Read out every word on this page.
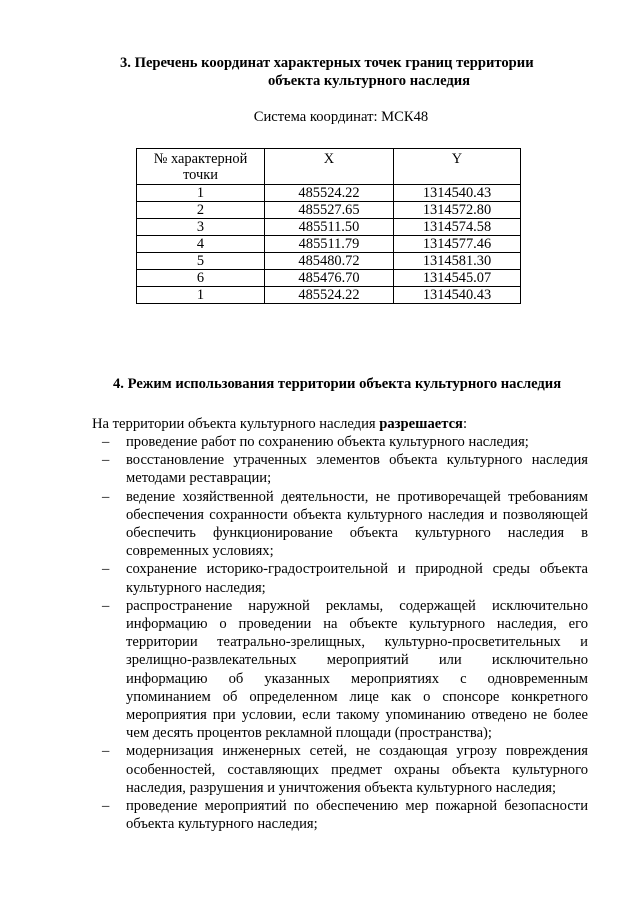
3. Перечень координат характерных точек границ территории
объекта культурного наследия
Система координат: МСК48
№ характерной точки	X	Y
1	485524.22	1314540.43
2	485527.65	1314572.80
3	485511.50	1314574.58
4	485511.79	1314577.46
5	485480.72	1314581.30
6	485476.70	1314545.07
1	485524.22	1314540.43
4. Режим использования территории объекта культурного наследия
На территории объекта культурного наследия разрешается:
– проведение работ по сохранению объекта культурного наследия;
– восстановление утраченных элементов объекта культурного наследия методами реставрации;
– ведение хозяйственной деятельности, не противоречащей требованиям обеспечения сохранности объекта культурного наследия и позволяющей обеспечить функционирование объекта культурного наследия в современных условиях;
– сохранение историко-градостроительной и природной среды объекта культурного наследия;
– распространение наружной рекламы, содержащей исключительно информацию о проведении на объекте культурного наследия, его территории театрально-зрелищных, культурно-просветительных и зрелищно-развлекательных мероприятий или исключительно информацию об указанных мероприятиях с одновременным упоминанием об определенном лице как о спонсоре конкретного мероприятия при условии, если такому упоминанию отведено не более чем десять процентов рекламной площади (пространства);
– модернизация инженерных сетей, не создающая угрозу повреждения особенностей, составляющих предмет охраны объекта культурного наследия, разрушения и уничтожения объекта культурного наследия;
– проведение мероприятий по обеспечению мер пожарной безопасности объекта культурного наследия;
